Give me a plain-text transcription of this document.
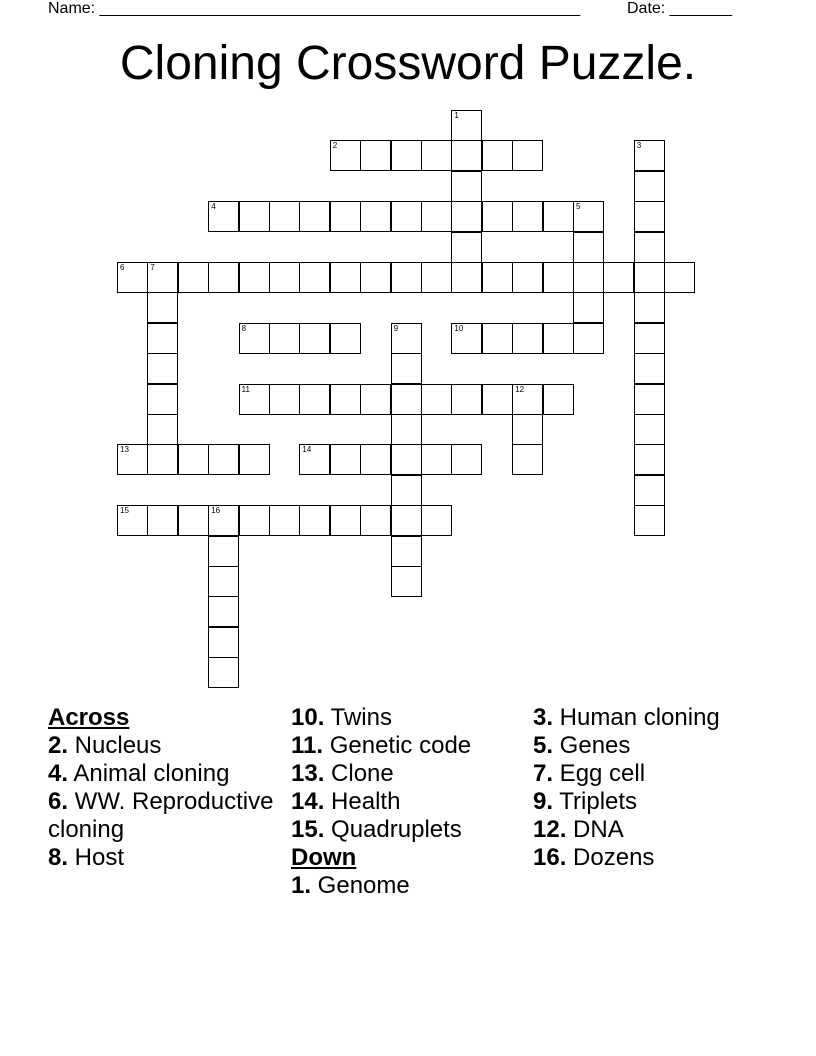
Name: ______________________________________________________	Date: _______
Cloning Crossword Puzzle.
1
2	3
4	5
6	7
8	9	10
11	12
13	14
15	16
Across
2. Nucleus
4. Animal cloning
6. WW. Reproductive cloning
8. Host
10. Twins
11. Genetic code
13. Clone
14. Health
15. Quadruplets
Down
1. Genome
3. Human cloning
5. Genes
7. Egg cell
9. Triplets
12. DNA
16. Dozens
